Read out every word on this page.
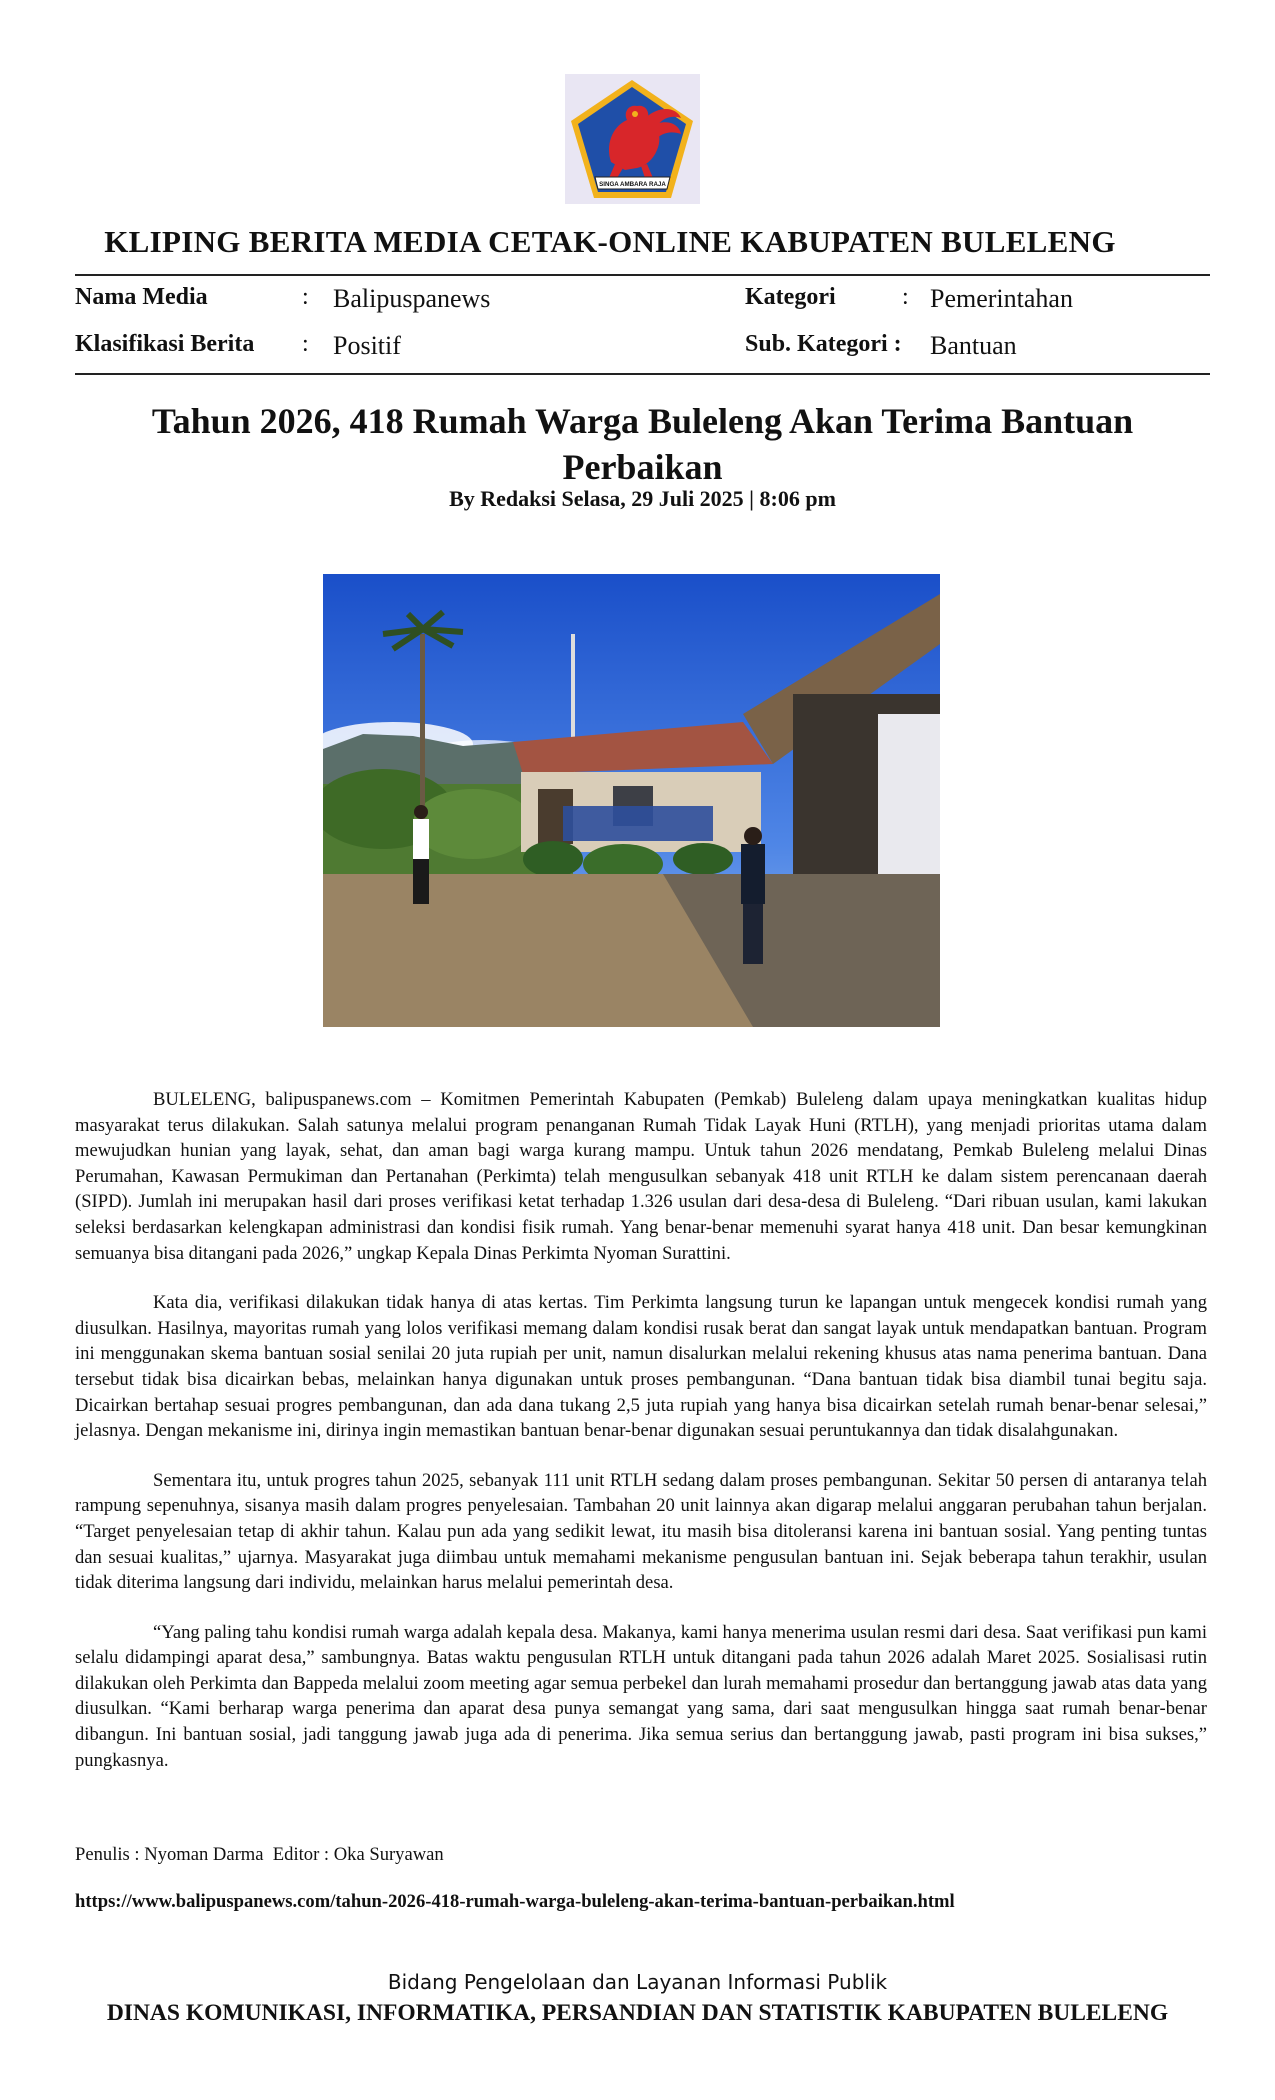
SINGA AMBARA RAJA
KLIPING BERITA MEDIA CETAK-ONLINE KABUPATEN BULELENG
Nama Media	: Balipuspanews
Klasifikasi Berita : Positif
Kategori	: Pemerintahan
Sub. Kategori : Bantuan
Tahun 2026, 418 Rumah Warga Buleleng Akan Terima Bantuan Perbaikan
By Redaksi Selasa, 29 Juli 2025 | 8:06 pm

BULELENG, balipuspanews.com – Komitmen Pemerintah Kabupaten (Pemkab) Buleleng dalam upaya meningkatkan kualitas hidup masyarakat terus dilakukan. Salah satunya melalui program penanganan Rumah Tidak Layak Huni (RTLH), yang menjadi prioritas utama dalam mewujudkan hunian yang layak, sehat, dan aman bagi warga kurang mampu. Untuk tahun 2026 mendatang, Pemkab Buleleng melalui Dinas Perumahan, Kawasan Permukiman dan Pertanahan (Perkimta) telah mengusulkan sebanyak 418 unit RTLH ke dalam sistem perencanaan daerah (SIPD). Jumlah ini merupakan hasil dari proses verifikasi ketat terhadap 1.326 usulan dari desa-desa di Buleleng. “Dari ribuan usulan, kami lakukan seleksi berdasarkan kelengkapan administrasi dan kondisi fisik rumah. Yang benar-benar memenuhi syarat hanya 418 unit. Dan besar kemungkinan semuanya bisa ditangani pada 2026,” ungkap Kepala Dinas Perkimta Nyoman Surattini.

Kata dia, verifikasi dilakukan tidak hanya di atas kertas. Tim Perkimta langsung turun ke lapangan untuk mengecek kondisi rumah yang diusulkan. Hasilnya, mayoritas rumah yang lolos verifikasi memang dalam kondisi rusak berat dan sangat layak untuk mendapatkan bantuan. Program ini menggunakan skema bantuan sosial senilai 20 juta rupiah per unit, namun disalurkan melalui rekening khusus atas nama penerima bantuan. Dana tersebut tidak bisa dicairkan bebas, melainkan hanya digunakan untuk proses pembangunan. “Dana bantuan tidak bisa diambil tunai begitu saja. Dicairkan bertahap sesuai progres pembangunan, dan ada dana tukang 2,5 juta rupiah yang hanya bisa dicairkan setelah rumah benar-benar selesai,” jelasnya. Dengan mekanisme ini, dirinya ingin memastikan bantuan benar-benar digunakan sesuai peruntukannya dan tidak disalahgunakan.

Sementara itu, untuk progres tahun 2025, sebanyak 111 unit RTLH sedang dalam proses pembangunan. Sekitar 50 persen di antaranya telah rampung sepenuhnya, sisanya masih dalam progres penyelesaian. Tambahan 20 unit lainnya akan digarap melalui anggaran perubahan tahun berjalan. “Target penyelesaian tetap di akhir tahun. Kalau pun ada yang sedikit lewat, itu masih bisa ditoleransi karena ini bantuan sosial. Yang penting tuntas dan sesuai kualitas,” ujarnya. Masyarakat juga diimbau untuk memahami mekanisme pengusulan bantuan ini. Sejak beberapa tahun terakhir, usulan tidak diterima langsung dari individu, melainkan harus melalui pemerintah desa.

“Yang paling tahu kondisi rumah warga adalah kepala desa. Makanya, kami hanya menerima usulan resmi dari desa. Saat verifikasi pun kami selalu didampingi aparat desa,” sambungnya. Batas waktu pengusulan RTLH untuk ditangani pada tahun 2026 adalah Maret 2025. Sosialisasi rutin dilakukan oleh Perkimta dan Bappeda melalui zoom meeting agar semua perbekel dan lurah memahami prosedur dan bertanggung jawab atas data yang diusulkan. “Kami berharap warga penerima dan aparat desa punya semangat yang sama, dari saat mengusulkan hingga saat rumah benar-benar dibangun. Ini bantuan sosial, jadi tanggung jawab juga ada di penerima. Jika semua serius dan bertanggung jawab, pasti program ini bisa sukses,” pungkasnya.

Penulis : Nyoman Darma  Editor : Oka Suryawan
https://www.balipuspanews.com/tahun-2026-418-rumah-warga-buleleng-akan-terima-bantuan-perbaikan.html
Bidang Pengelolaan dan Layanan Informasi Publik
DINAS KOMUNIKASI, INFORMATIKA, PERSANDIAN DAN STATISTIK KABUPATEN BULELENG
